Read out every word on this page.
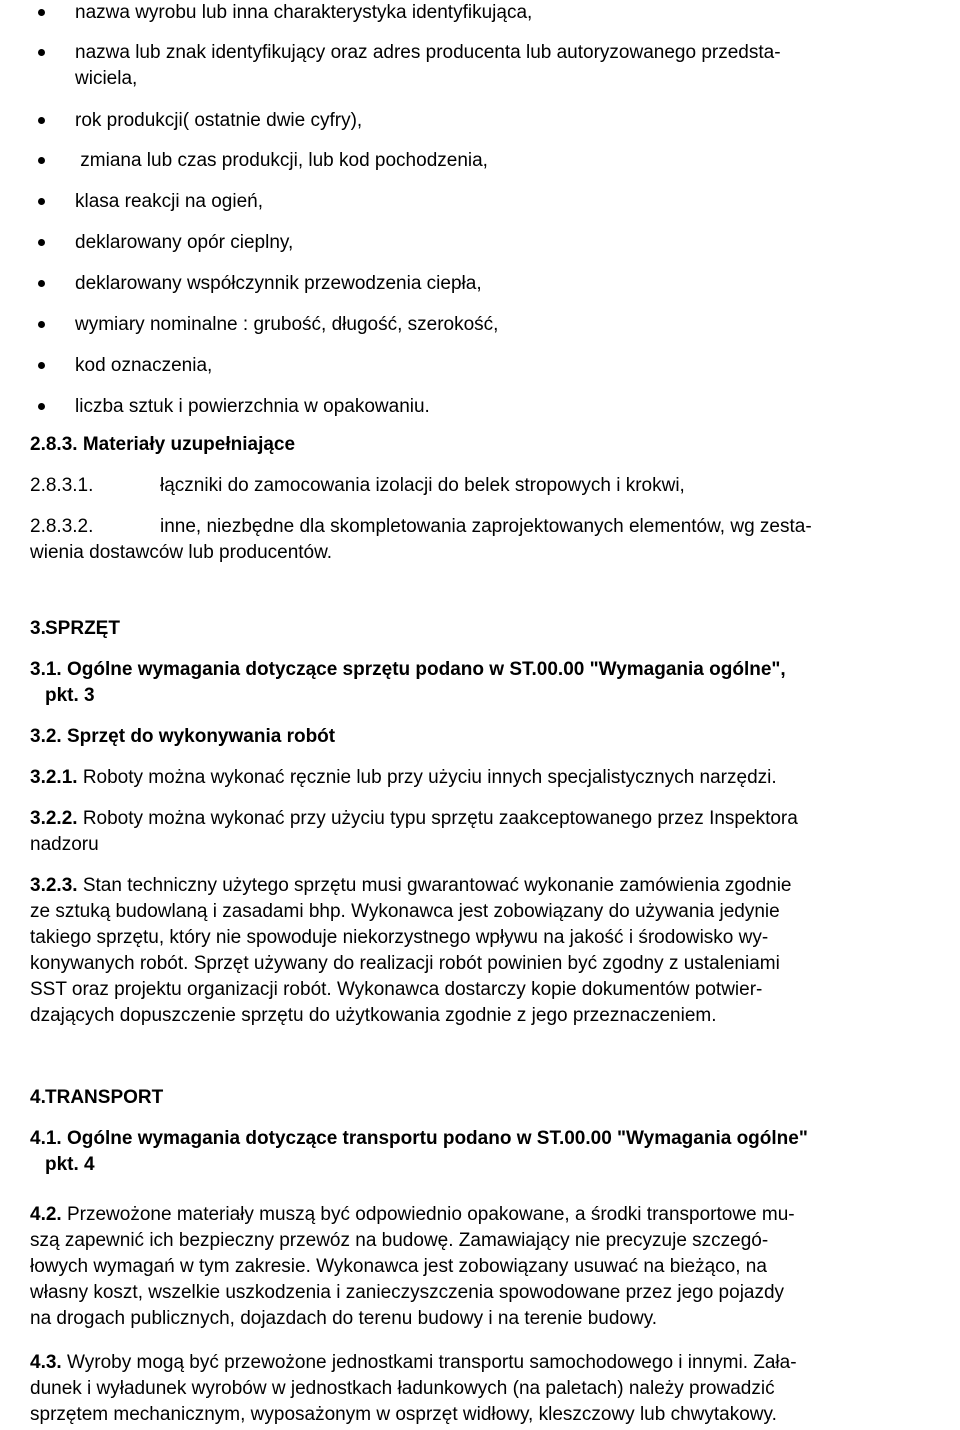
nazwa wyrobu lub inna charakterystyka identyfikująca,
nazwa lub znak identyfikujący oraz adres producenta lub autoryzowanego przedsta-
wiciela,
rok produkcji( ostatnie dwie cyfry),
zmiana lub czas produkcji, lub kod pochodzenia,
klasa reakcji na ogień,
deklarowany opór cieplny,
deklarowany współczynnik przewodzenia ciepła,
wymiary nominalne : grubość, długość, szerokość,
kod oznaczenia,
liczba sztuk i powierzchnia w opakowaniu.
2.8.3. Materiały uzupełniające
2.8.3.1.	łączniki do zamocowania izolacji do belek stropowych i krokwi,
2.8.3.2.	inne, niezbędne dla skompletowania zaprojektowanych elementów, wg zesta-
wienia dostawców lub producentów.
3. SPRZĘT
3.1. Ogólne wymagania dotyczące sprzętu podano w ST.00.00 "Wymagania ogólne",
pkt. 3
3.2. Sprzęt do wykonywania robót
3.2.1. Roboty można wykonać ręcznie lub przy użyciu innych specjalistycznych narzędzi.
3.2.2. Roboty można wykonać przy użyciu typu sprzętu zaakceptowanego przez Inspektora
nadzoru
3.2.3. Stan techniczny użytego sprzętu musi gwarantować wykonanie zamówienia zgodnie
ze sztuką budowlaną i zasadami bhp. Wykonawca jest zobowiązany do używania jedynie
takiego sprzętu, który nie spowoduje niekorzystnego wpływu na jakość i środowisko wy-
konywanych robót. Sprzęt używany do realizacji robót powinien być zgodny z ustaleniami
SST oraz projektu organizacji robót. Wykonawca dostarczy kopie dokumentów potwier-
dzających dopuszczenie sprzętu do użytkowania zgodnie z jego przeznaczeniem.
4. TRANSPORT
4.1. Ogólne wymagania dotyczące transportu podano w ST.00.00 "Wymagania ogólne"
pkt. 4
4.2. Przewożone materiały muszą być odpowiednio opakowane, a środki transportowe mu-
szą zapewnić ich bezpieczny przewóz na budowę. Zamawiający nie precyzuje szczegó-
łowych wymagań w tym zakresie. Wykonawca jest zobowiązany usuwać na bieżąco, na
własny koszt, wszelkie uszkodzenia i zanieczyszczenia spowodowane przez jego pojazdy
na drogach publicznych, dojazdach do terenu budowy i na terenie budowy.
4.3. Wyroby mogą być przewożone jednostkami transportu samochodowego i innymi. Zała-
dunek i wyładunek wyrobów w jednostkach ładunkowych (na paletach) należy prowadzić
sprzętem mechanicznym, wyposażonym w osprzęt widłowy, kleszczowy lub chwytakowy.
